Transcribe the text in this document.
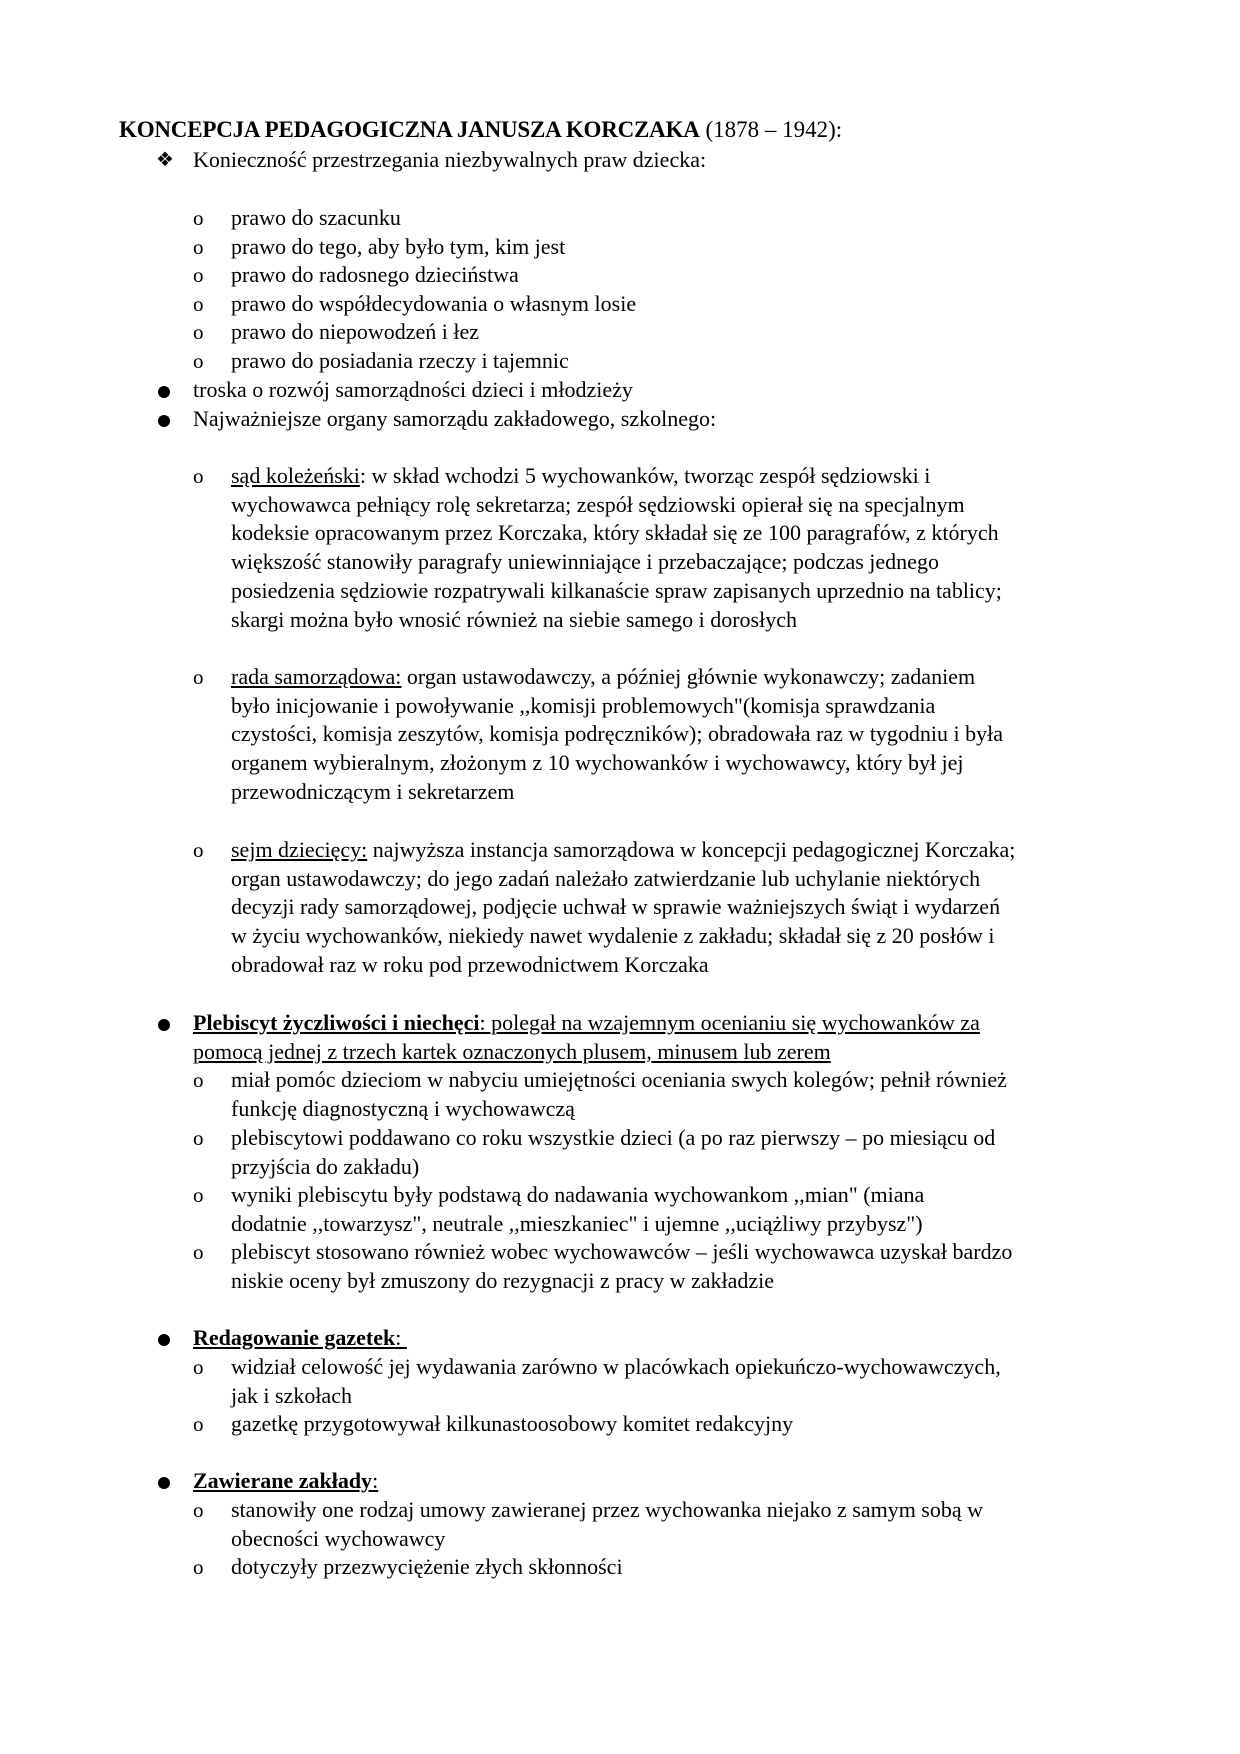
KONCEPCJA PEDAGOGICZNA JANUSZA KORCZAKA (1878 – 1942):
❖ Konieczność przestrzegania niezbywalnych praw dziecka:
o prawo do szacunku
o prawo do tego, aby było tym, kim jest
o prawo do radosnego dzieciństwa
o prawo do współdecydowania o własnym losie
o prawo do niepowodzeń i łez
o prawo do posiadania rzeczy i tajemnic
troska o rozwój samorządności dzieci i młodzieży
Najważniejsze organy samorządu zakładowego, szkolnego:
o sąd koleżeński: w skład wchodzi 5 wychowanków, tworząc zespół sędziowski i
wychowawca pełniący rolę sekretarza; zespół sędziowski opierał się na specjalnym
kodeksie opracowanym przez Korczaka, który składał się ze 100 paragrafów, z których
większość stanowiły paragrafy uniewinniające i przebaczające; podczas jednego
posiedzenia sędziowie rozpatrywali kilkanaście spraw zapisanych uprzednio na tablicy;
skargi można było wnosić również na siebie samego i dorosłych
o rada samorządowa: organ ustawodawczy, a później głównie wykonawczy; zadaniem
było inicjowanie i powoływanie ,,komisji problemowych"(komisja sprawdzania
czystości, komisja zeszytów, komisja podręczników); obradowała raz w tygodniu i była
organem wybieralnym, złożonym z 10 wychowanków i wychowawcy, który był jej
przewodniczącym i sekretarzem
o sejm dziecięcy: najwyższa instancja samorządowa w koncepcji pedagogicznej Korczaka;
organ ustawodawczy; do jego zadań należało zatwierdzanie lub uchylanie niektórych
decyzji rady samorządowej, podjęcie uchwał w sprawie ważniejszych świąt i wydarzeń
w życiu wychowanków, niekiedy nawet wydalenie z zakładu; składał się z 20 posłów i
obradował raz w roku pod przewodnictwem Korczaka
Plebiscyt życzliwości i niechęci: polegał na wzajemnym ocenianiu się wychowanków za
pomocą jednej z trzech kartek oznaczonych plusem, minusem lub zerem
o miał pomóc dzieciom w nabyciu umiejętności oceniania swych kolegów; pełnił również
funkcję diagnostyczną i wychowawczą
o plebiscytowi poddawano co roku wszystkie dzieci (a po raz pierwszy – po miesiącu od
przyjścia do zakładu)
o wyniki plebiscytu były podstawą do nadawania wychowankom ,,mian" (miana
dodatnie ,,towarzysz", neutrale ,,mieszkaniec" i ujemne ,,uciążliwy przybysz")
o plebiscyt stosowano również wobec wychowawców – jeśli wychowawca uzyskał bardzo
niskie oceny był zmuszony do rezygnacji z pracy w zakładzie
Redagowanie gazetek:
o widział celowość jej wydawania zarówno w placówkach opiekuńczo-wychowawczych,
jak i szkołach
o gazetkę przygotowywał kilkunastoosobowy komitet redakcyjny
Zawierane zakłady:
o stanowiły one rodzaj umowy zawieranej przez wychowanka niejako z samym sobą w
obecności wychowawcy
o dotyczyły przezwyciężenie złych skłonności
